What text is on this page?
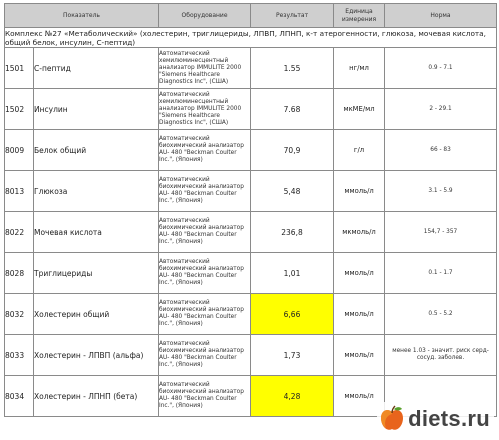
Показатель		Оборудование	Результат	Единица измерения	Норма
Комплекс №27 «Метаболический» (холестерин, триглицериды, ЛПВП, ЛПНП, к-т атерогенности, глюкоза, мочевая кислота, общий белок, инсулин, С-пептид)					
1501	С-пептид	Автоматический хемилюминесцентный анализатор IMMULITE 2000 "Siemens Healthcare Diagnostics Inc", (США)	1.55	нг/мл	0.9 - 7.1
1502	Инсулин	Автоматический хемилюминесцентный анализатор IMMULITE 2000 "Siemens Healthcare Diagnostics Inc", (США)	7.68	мкМЕ/мл	2 - 29.1
8009	Белок общий	Автоматический биохимический анализатор AU- 480 "Beckman Coulter Inc.", (Япония)	70,9	г/л	66 - 83
8013	Глюкоза	Автоматический биохимический анализатор AU- 480 "Beckman Coulter Inc.", (Япония)	5,48	ммоль/л	3.1 - 5.9
8022	Мочевая кислота	Автоматический биохимический анализатор AU- 480 "Beckman Coulter Inc.", (Япония)	236,8	мкмоль/л	154,7 - 357
8028	Триглицериды	Автоматический биохимический анализатор AU- 480 "Beckman Coulter Inc.", (Япония)	1,01	ммоль/л	0.1 - 1.7
8032	Холестерин общий	Автоматический биохимический анализатор AU- 480 "Beckman Coulter Inc.", (Япония)	6,66	ммоль/л	0.5 - 5.2
8033	Холестерин - ЛПВП (альфа)	Автоматический биохимический анализатор AU- 480 "Beckman Coulter Inc.", (Япония)	1,73	ммоль/л	менее 1.03 - значит. риск серд-сосуд. заболев.
8034	Холестерин - ЛПНП (бета)	Автоматический биохимический анализатор AU- 480 "Beckman Coulter Inc.", (Япония)	4,28	ммоль/л	
diets.ru
